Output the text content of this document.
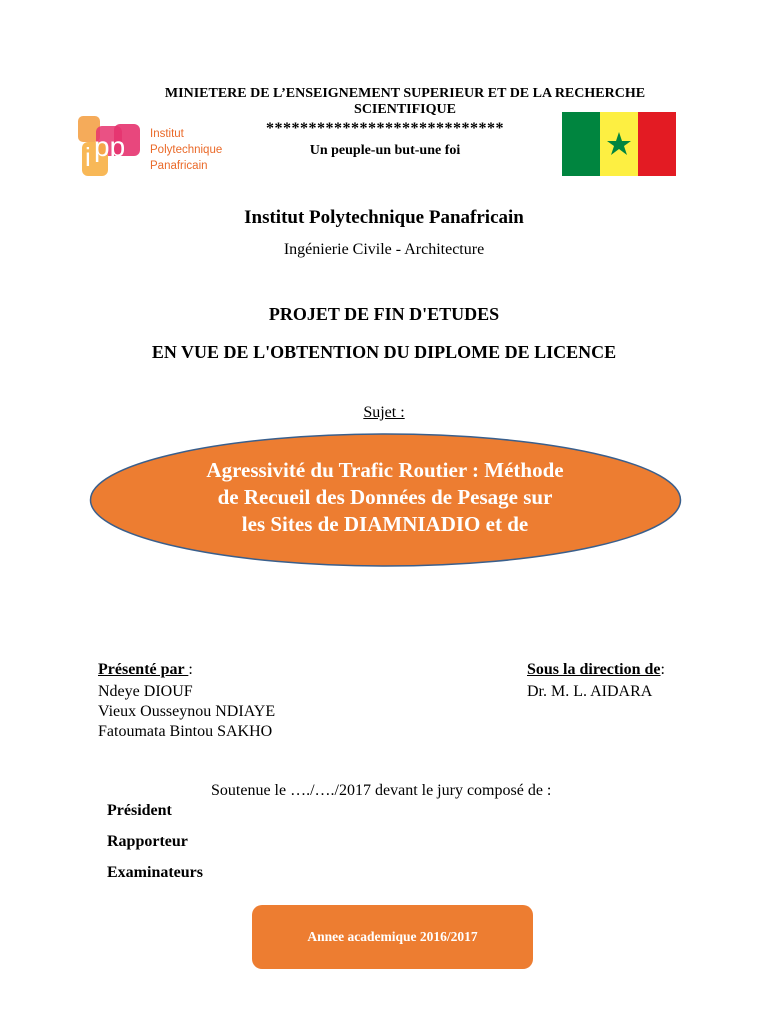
MINIETERE DE L’ENSEIGNEMENT SUPERIEUR ET DE LA RECHERCHE SCIENTIFIQUE
****************************
Un peuple-un but-une foi
i pp Institut
Polytechnique
Panafricain
Institut Polytechnique Panafricain
Ingénierie Civile - Architecture
PROJET DE FIN D'ETUDES
EN VUE DE L'OBTENTION DU DIPLOME DE LICENCE
Sujet :
Agressivité du Trafic Routier : Méthode
de Recueil des Données de Pesage sur
les Sites de DIAMNIADIO et de
Présenté par :
Ndeye DIOUF
Vieux Ousseynou NDIAYE
Fatoumata Bintou SAKHO
Sous la direction de:
Dr. M. L. AIDARA
Soutenue le …./…./2017 devant le jury composé de :
Président
Rapporteur
Examinateurs
Annee academique 2016/2017
